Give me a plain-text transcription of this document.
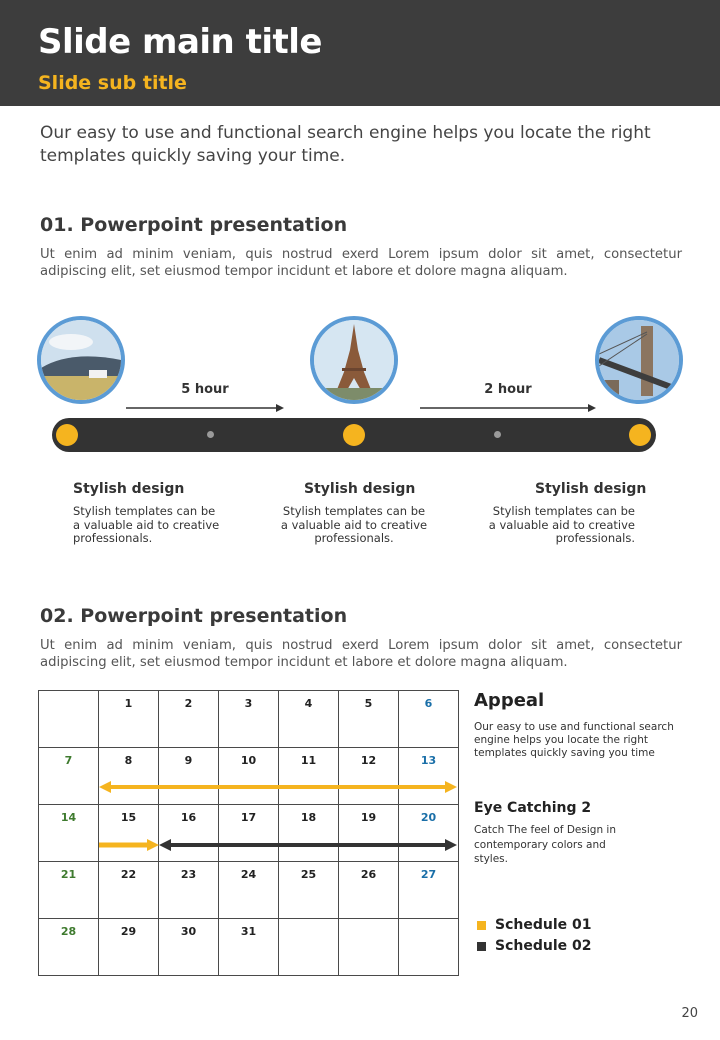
Slide main title
Slide sub title
Our easy to use and functional search engine helps you locate the right templates quickly saving your time.
01. Powerpoint presentation
Ut enim ad minim veniam, quis nostrud exerd Lorem ipsum dolor sit amet, consectetur adipiscing elit, set eiusmod tempor incidunt et labore et dolore magna aliquam.
5 hour	2 hour
Stylish design
Stylish templates can be a valuable aid to creative professionals.
Stylish design
Stylish templates can be a valuable aid to creative professionals.
Stylish design
Stylish templates can be a valuable aid to creative professionals.
02. Powerpoint presentation
Ut enim ad minim veniam, quis nostrud exerd Lorem ipsum dolor sit amet, consectetur adipiscing elit, set eiusmod tempor incidunt et labore et dolore magna aliquam.
	1	2	3	4	5	6
7	8	9	10	11	12	13
14	15	16	17	18	19	20
21	22	23	24	25	26	27
28	29	30	31			
Appeal
Our easy to use and functional search engine helps you locate the right templates quickly saving you time
Eye Catching 2
Catch The feel of Design in contemporary colors and styles.
Schedule 01
Schedule 02
20
